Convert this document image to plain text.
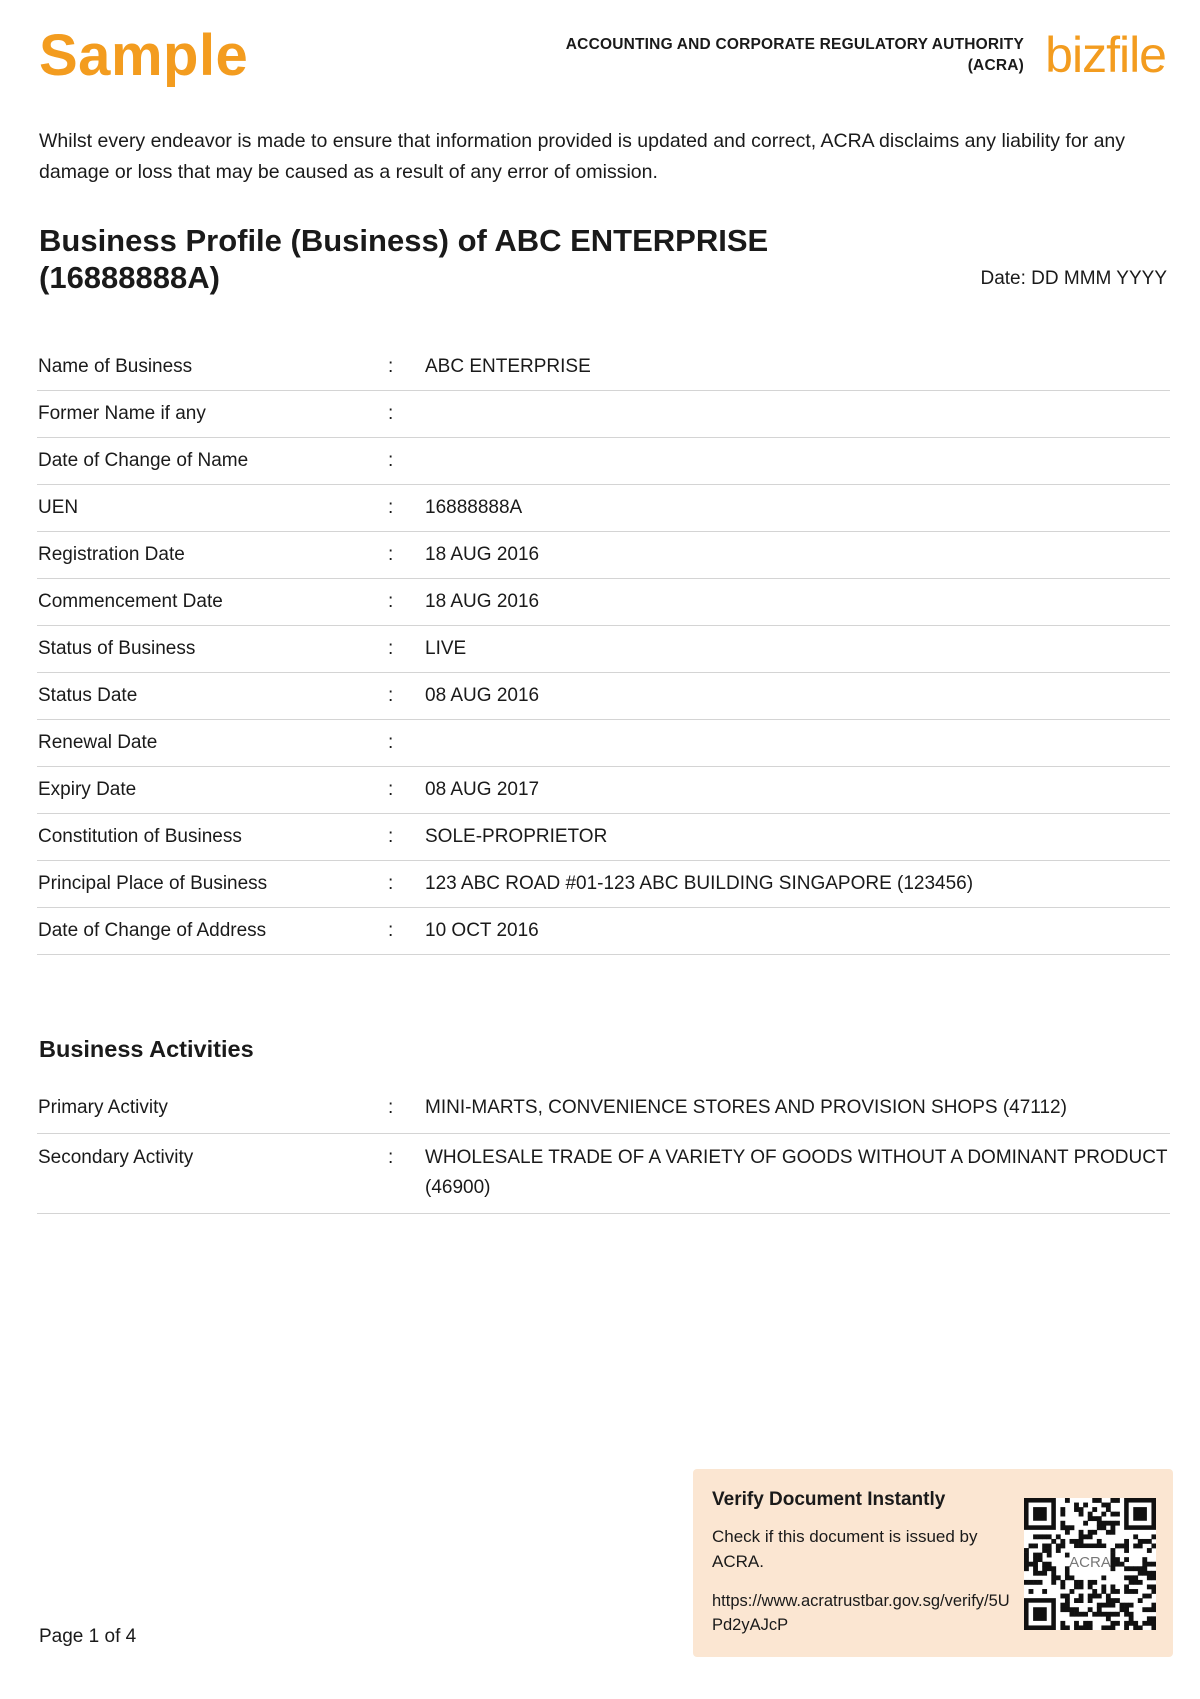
Sample	ACCOUNTING AND CORPORATE REGULATORY AUTHORITY
(ACRA) bizfile
Whilst every endeavor is made to ensure that information provided is updated and correct, ACRA disclaims any liability for any damage or loss that may be caused as a result of any error of omission.
Business Profile (Business) of ABC ENTERPRISE (16888888A)	Date: DD MMM YYYY
Name of Business	:	ABC ENTERPRISE
Former Name if any	:
Date of Change of Name	:
UEN	:	16888888A
Registration Date	:	18 AUG 2016
Commencement Date	:	18 AUG 2016
Status of Business	:	LIVE
Status Date	:	08 AUG 2016
Renewal Date	:
Expiry Date	:	08 AUG 2017
Constitution of Business	:	SOLE-PROPRIETOR
Principal Place of Business	:	123 ABC ROAD #01-123 ABC BUILDING SINGAPORE (123456)
Date of Change of Address	:	10 OCT 2016
Business Activities
Primary Activity	:	MINI-MARTS, CONVENIENCE STORES AND PROVISION SHOPS (47112)
Secondary Activity	:	WHOLESALE TRADE OF A VARIETY OF GOODS WITHOUT A DOMINANT PRODUCT (46900)
Page 1 of 4
Verify Document Instantly
Check if this document is issued by ACRA.
https://www.acratrustbar.gov.sg/verify/5UPd2yAJcP
ACRA
